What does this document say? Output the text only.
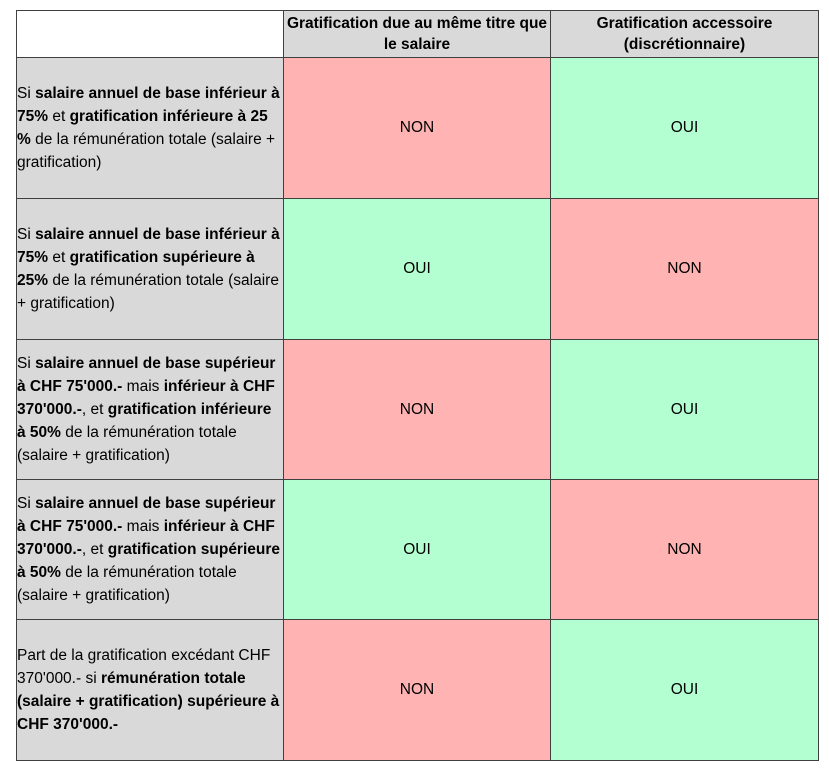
	Gratification due au même titre que le salaire	Gratification accessoire (discrétionnaire)
Si salaire annuel de base inférieur à 75% et gratification inférieure à 25 % de la rémunération totale (salaire + gratification)	NON	OUI
Si salaire annuel de base inférieur à 75% et gratification supérieure à 25% de la rémunération totale (salaire + gratification)	OUI	NON
Si salaire annuel de base supérieur à CHF 75'000.- mais inférieur à CHF 370'000.-, et gratification inférieure à 50% de la rémunération totale (salaire + gratification)	NON	OUI
Si salaire annuel de base supérieur à CHF 75'000.- mais inférieur à CHF 370'000.-, et gratification supérieure à 50% de la rémunération totale (salaire + gratification)	OUI	NON
Part de la gratification excédant CHF 370'000.- si rémunération totale (salaire + gratification) supérieure à CHF 370'000.-	NON	OUI
